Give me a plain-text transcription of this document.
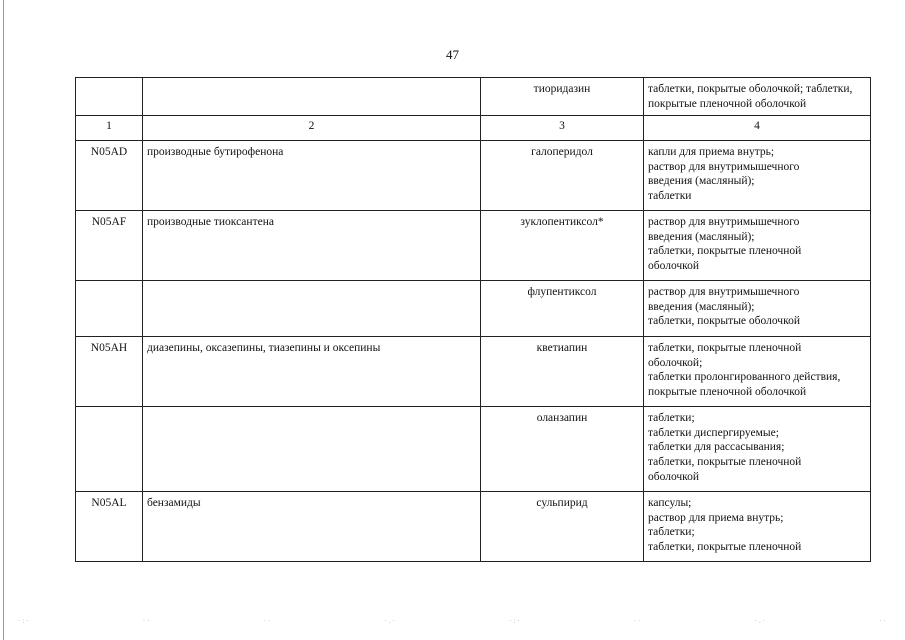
47
		тиоридазин	таблетки, покрытые оболочкой; таблетки,
покрытые пленочной оболочкой

1	2	3	4
N05AD	производные бутирофенона	галоперидол	капли для приема внутрь;
раствор для внутримышечного
введения (масляный);
таблетки

N05AF	производные тиоксантена	зуклопентиксол*	раствор для внутримышечного
введения (масляный);
таблетки, покрытые пленочной
оболочкой

		флупентиксол	раствор для внутримышечного
введения (масляный);
таблетки, покрытые оболочкой

N05AH	диазепины, оксазепины, тиазепины и оксепины	кветиапин	таблетки, покрытые пленочной
оболочкой;
таблетки пролонгированного действия,
покрытые пленочной оболочкой

		оланзапин	таблетки;
таблетки диспергируемые;
таблетки для рассасывания;
таблетки, покрытые пленочной
оболочкой

N05AL	бензамиды	сульпирид	капсулы;
раствор для приема внутрь;
таблетки;
таблетки, покрытые пленочной
·:·	··	··	·.·	·:·	··	·.·	··
